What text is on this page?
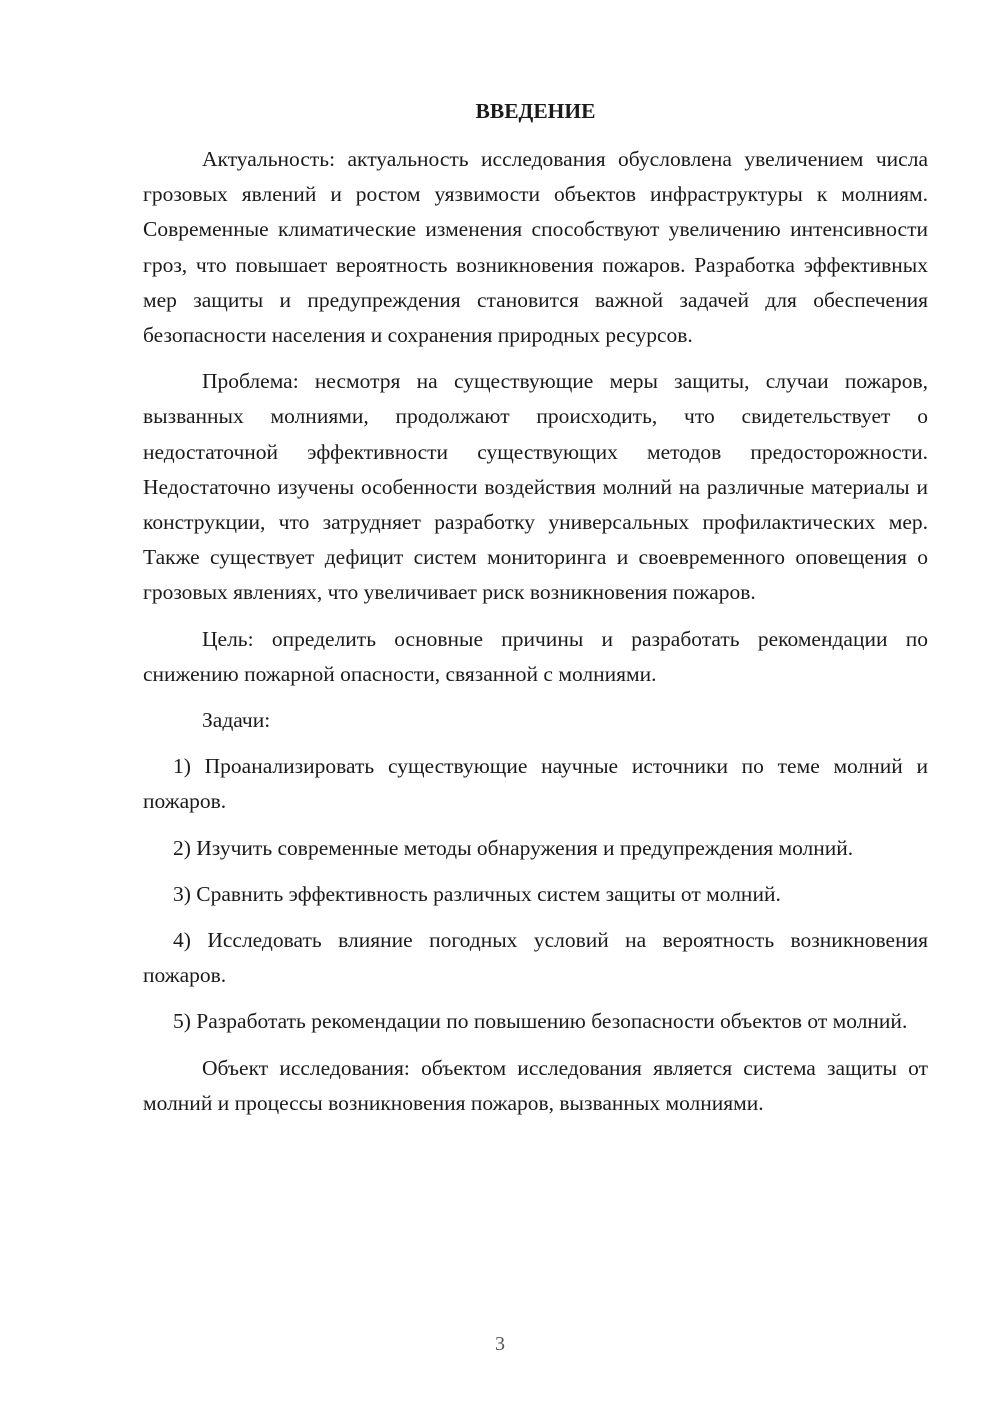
ВВЕДЕНИЕ

Актуальность: актуальность исследования обусловлена увеличением числа грозовых явлений и ростом уязвимости объектов инфраструктуры к молниям. Современные климатические изменения способствуют увеличению интенсивности гроз, что повышает вероятность возникновения пожаров. Разработка эффективных мер защиты и предупреждения становится важной задачей для обеспечения безопасности населения и сохранения природных ресурсов.

Проблема: несмотря на существующие меры защиты, случаи пожаров, вызванных молниями, продолжают происходить, что свидетельствует о недостаточной эффективности существующих методов предосторожности. Недостаточно изучены особенности воздействия молний на различные материалы и конструкции, что затрудняет разработку универсальных профилактических мер. Также существует дефицит систем мониторинга и своевременного оповещения о грозовых явлениях, что увеличивает риск возникновения пожаров.

Цель: определить основные причины и разработать рекомендации по снижению пожарной опасности, связанной с молниями.

Задачи:

1) Проанализировать существующие научные источники по теме молний и пожаров.

2) Изучить современные методы обнаружения и предупреждения молний.

3) Сравнить эффективность различных систем защиты от молний.

4) Исследовать влияние погодных условий на вероятность возникновения пожаров.

5) Разработать рекомендации по повышению безопасности объектов от молний.

Объект исследования: объектом исследования является система защиты от молний и процессы возникновения пожаров, вызванных молниями.

3
